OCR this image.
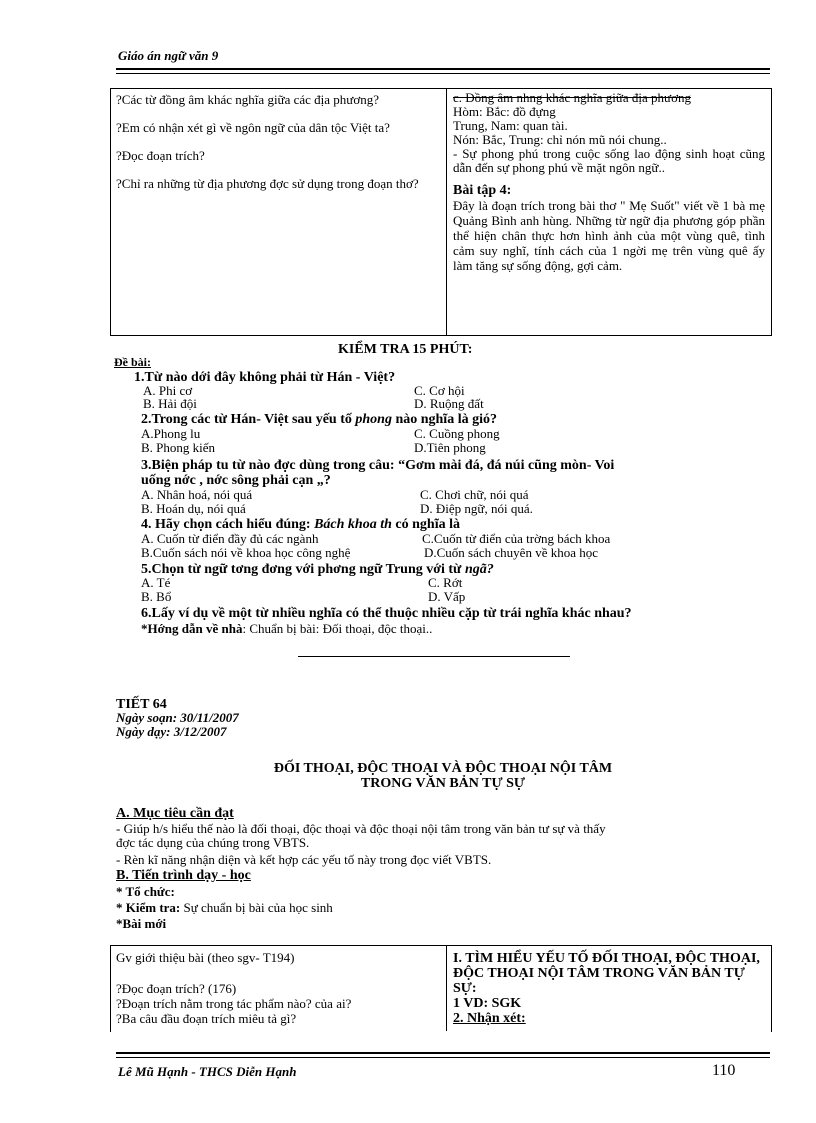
Giáo án ngữ văn 9
?Các từ đồng âm khác nghĩa giữa các địa phương?
?Em có nhận xét gì về ngôn ngữ của dân tộc Việt ta?
?Đọc đoạn trích?
?Chỉ ra những từ địa phương đợc sử dụng trong đoạn thơ?
c. Đồng âm nhng khác nghĩa giữa địa phương
Hòm: Bắc: đồ đựng
Trung, Nam: quan tài.
Nón: Bắc, Trung: chỉ nón mũ nói chung..
- Sự phong phú trong cuộc sống lao động sinh hoạt cũng dẫn đến sự phong phú về mặt ngôn ngữ..
Bài tập 4:
Đây là đoạn trích trong bài thơ " Mẹ Suốt" viết về 1 bà mẹ Quảng Bình anh hùng. Những từ ngữ địa phương góp phần thể hiện chân thực hơn hình ảnh của một vùng quê, tình cảm suy nghĩ, tính cách của 1 ngời mẹ trên vùng quê ấy làm tăng sự sống động, gợi cảm.
KIỂM TRA 15 PHÚT:
Đề bài:
1.Từ nào dới đây không phải từ Hán - Việt?
A. Phi cơ	C. Cơ hội
B. Hải đội	D. Ruộng đất
2.Trong các từ Hán- Việt sau yếu tố phong nào nghĩa là gió?
A.Phong lu	C. Cuồng phong
B. Phong kiến	D.Tiên phong
3.Biện pháp tu từ nào đợc dùng trong câu: “Gơm mài đá, đá núi cũng mòn- Voi
uống nớc , nớc sông phải cạn „?
A. Nhân hoá, nói quá	C. Chơi chữ, nói quá
B. Hoán dụ, nói quá	D. Điệp ngữ, nói quá.
4. Hãy chọn cách hiểu đúng: Bách khoa th có nghĩa là
A. Cuốn từ điển đầy đủ các ngành	C.Cuốn từ điển của trờng bách khoa
B.Cuốn sách nói về khoa học công nghệ	D.Cuốn sách chuyên về khoa học
5.Chọn từ ngữ tơng đơng với phơng ngữ Trung với từ ngã?
A. Té	C. Rớt
B. Bổ	D. Vấp
6.Lấy ví dụ về một từ nhiều nghĩa có thể thuộc nhiều cặp từ trái nghĩa khác nhau?
*Hớng dẫn về nhà: Chuẩn bị bài: Đối thoại, độc thoại..
TIẾT 64
Ngày soạn: 30/11/2007
Ngày dạy: 3/12/2007
ĐỐI THOẠI, ĐỘC THOẠI VÀ ĐỘC THOẠI NỘI TÂM
TRONG VĂN BẢN TỰ SỰ
A. Mục tiêu cần đạt
- Giúp h/s hiểu thế nào là đối thoại, độc thoại và độc thoại nội tâm trong văn bản tư sự và thấy
đợc tác dụng của chúng trong VBTS.
- Rèn kĩ năng nhận diện và kết hợp các yếu tố này trong đọc viết VBTS.
B. Tiến trình dạy - học
* Tổ chức:
* Kiểm tra: Sự chuẩn bị bài của học sinh
*Bài mới
Gv giới thiệu bài (theo sgv- T194)
?Đọc đoạn trích? (176)
?Đoạn trích nằm trong tác phẩm nào? của ai?
?Ba câu đầu đoạn trích miêu tả gì?
I. TÌM HIỂU YẾU TỐ ĐỐI THOẠI, ĐỘC THOẠI, ĐỘC THOẠI NỘI TÂM TRONG VĂN BẢN TỰ SỰ:
1 VD: SGK
2. Nhận xét:
Lê Mũ Hạnh - THCS Diễn Hạnh	110
